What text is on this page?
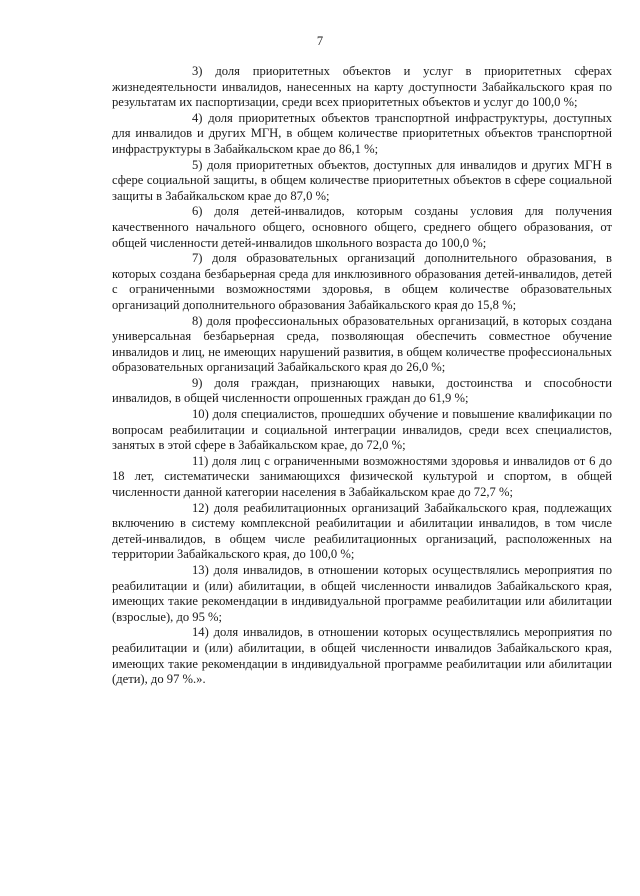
7

3) доля приоритетных объектов и услуг в приоритетных сферах жизнедеятельности инвалидов, нанесенных на карту доступности Забайкальского края по результатам их паспортизации, среди всех приоритетных объектов и услуг до 100,0 %;

4) доля приоритетных объектов транспортной инфраструктуры, доступных для инвалидов и других МГН, в общем количестве приоритетных объектов транспортной инфраструктуры в Забайкальском крае до 86,1 %;

5) доля приоритетных объектов, доступных для инвалидов и других МГН в сфере социальной защиты, в общем количестве приоритетных объектов в сфере социальной защиты в Забайкальском крае до 87,0 %;

6) доля детей-инвалидов, которым созданы условия для получения качественного начального общего, основного общего, среднего общего образования, от общей численности детей-инвалидов школьного возраста до 100,0 %;

7) доля образовательных организаций дополнительного образования, в которых создана безбарьерная среда для инклюзивного образования детей-инвалидов, детей с ограниченными возможностями здоровья, в общем количестве образовательных организаций дополнительного образования Забайкальского края до 15,8 %;

8) доля профессиональных образовательных организаций, в которых создана универсальная безбарьерная среда, позволяющая обеспечить совместное обучение инвалидов и лиц, не имеющих нарушений развития, в общем количестве профессиональных образовательных организаций Забайкальского края до 26,0 %;

9) доля граждан, признающих навыки, достоинства и способности инвалидов, в общей численности опрошенных граждан до 61,9 %;

10) доля специалистов, прошедших обучение и повышение квалификации по вопросам реабилитации и социальной интеграции инвалидов, среди всех специалистов, занятых в этой сфере в Забайкальском крае, до 72,0 %;

11) доля лиц с ограниченными возможностями здоровья и инвалидов от 6 до 18 лет, систематически занимающихся физической культурой и спортом, в общей численности данной категории населения в Забайкальском крае до 72,7 %;

12) доля реабилитационных организаций Забайкальского края, подлежащих включению в систему комплексной реабилитации и абилитации инвалидов, в том числе детей-инвалидов, в общем числе реабилитационных организаций, расположенных на территории Забайкальского края, до 100,0 %;

13) доля инвалидов, в отношении которых осуществлялись мероприятия по реабилитации и (или) абилитации, в общей численности инвалидов Забайкальского края, имеющих такие рекомендации в индивидуальной программе реабилитации или абилитации (взрослые), до 95 %;

14) доля инвалидов, в отношении которых осуществлялись мероприятия по реабилитации и (или) абилитации, в общей численности инвалидов Забайкальского края, имеющих такие рекомендации в индивидуальной программе реабилитации или абилитации (дети), до 97 %.».
